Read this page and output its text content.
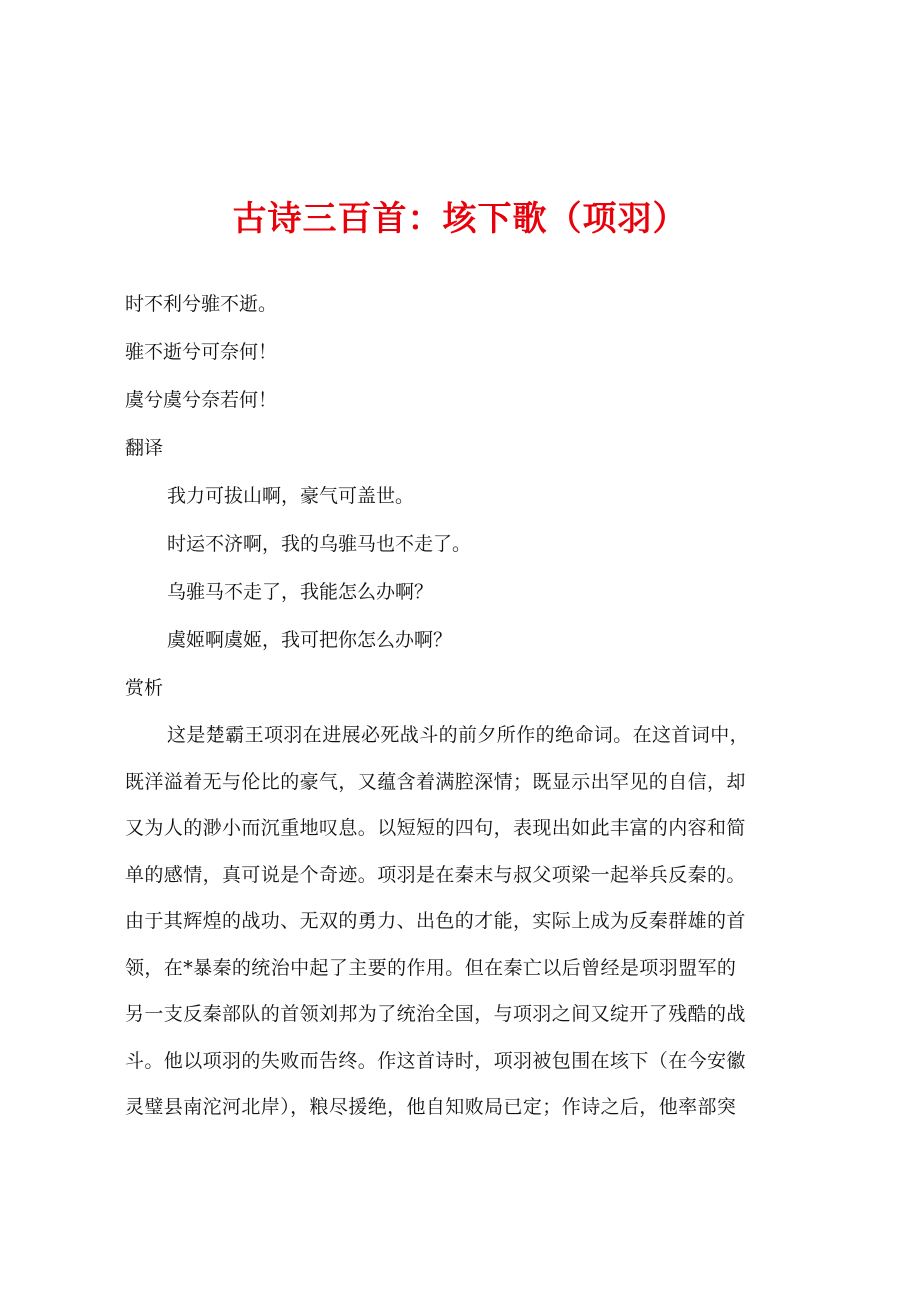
古诗三百首：垓下歌（项羽）
时不利兮骓不逝。
骓不逝兮可奈何！
虞兮虞兮奈若何！
翻译
我力可拔山啊，豪气可盖世。
时运不济啊，我的乌骓马也不走了。
乌骓马不走了，我能怎么办啊？
虞姬啊虞姬，我可把你怎么办啊？
赏析
这是楚霸王项羽在进展必死战斗的前夕所作的绝命词。在这首词中，
既洋溢着无与伦比的豪气，又蕴含着满腔深情；既显示出罕见的自信，却
又为人的渺小而沉重地叹息。以短短的四句，表现出如此丰富的内容和简
单的感情，真可说是个奇迹。项羽是在秦末与叔父项梁一起举兵反秦的。
由于其辉煌的战功、无双的勇力、出色的才能，实际上成为反秦群雄的首
领，在*暴秦的统治中起了主要的作用。但在秦亡以后曾经是项羽盟军的
另一支反秦部队的首领刘邦为了统治全国，与项羽之间又绽开了残酷的战
斗。他以项羽的失败而告终。作这首诗时，项羽被包围在垓下（在今安徽
灵璧县南沱河北岸），粮尽援绝，他自知败局已定；作诗之后，他率部突
